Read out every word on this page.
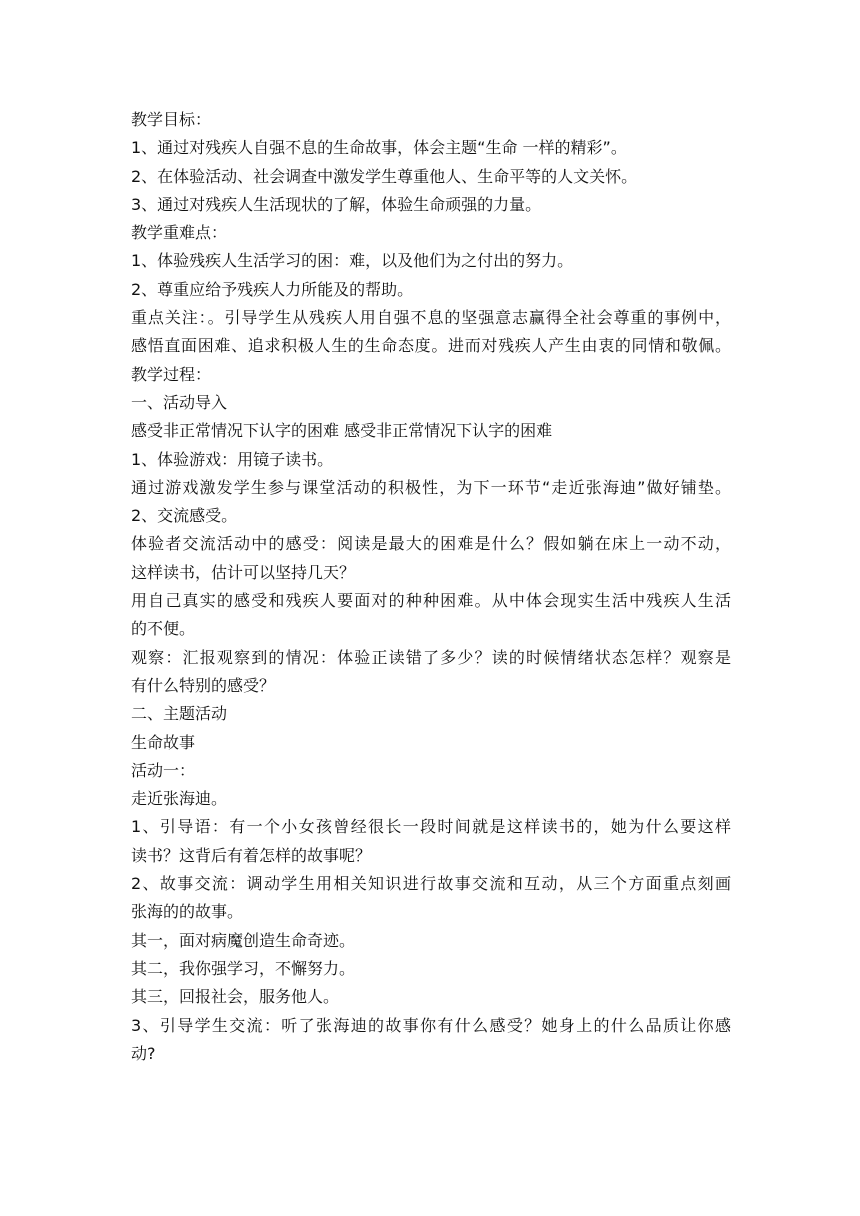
教学目标：
1、通过对残疾人自强不息的生命故事，体会主题“生命 一样的精彩”。
2、在体验活动、社会调查中激发学生尊重他人、生命平等的人文关怀。
3、通过对残疾人生活现状的了解，体验生命顽强的力量。
教学重难点：
1、体验残疾人生活学习的困：难，以及他们为之付出的努力。
2、尊重应给予残疾人力所能及的帮助。
重点关注：。引导学生从残疾人用自强不息的坚强意志赢得全社会尊重的事例中，
感悟直面困难、追求积极人生的生命态度。进而对残疾人产生由衷的同情和敬佩。
教学过程：
一、活动导入
感受非正常情况下认字的困难 感受非正常情况下认字的困难
1、体验游戏：用镜子读书。
通过游戏激发学生参与课堂活动的积极性，为下一环节“走近张海迪”做好铺垫。
2、交流感受。
体验者交流活动中的感受：阅读是最大的困难是什么？假如躺在床上一动不动，
这样读书，估计可以坚持几天？
用自己真实的感受和残疾人要面对的种种困难。从中体会现实生活中残疾人生活
的不便。
观察：汇报观察到的情况：体验正读错了多少？读的时候情绪状态怎样？观察是
有什么特别的感受？
二、主题活动
生命故事
活动一：
走近张海迪。
1、引导语：有一个小女孩曾经很长一段时间就是这样读书的，她为什么要这样
读书？这背后有着怎样的故事呢？
2、故事交流：调动学生用相关知识进行故事交流和互动，从三个方面重点刻画
张海的的故事。
其一，面对病魔创造生命奇迹。
其二，我你强学习，不懈努力。
其三，回报社会，服务他人。
3、引导学生交流：听了张海迪的故事你有什么感受？她身上的什么品质让你感
动?
